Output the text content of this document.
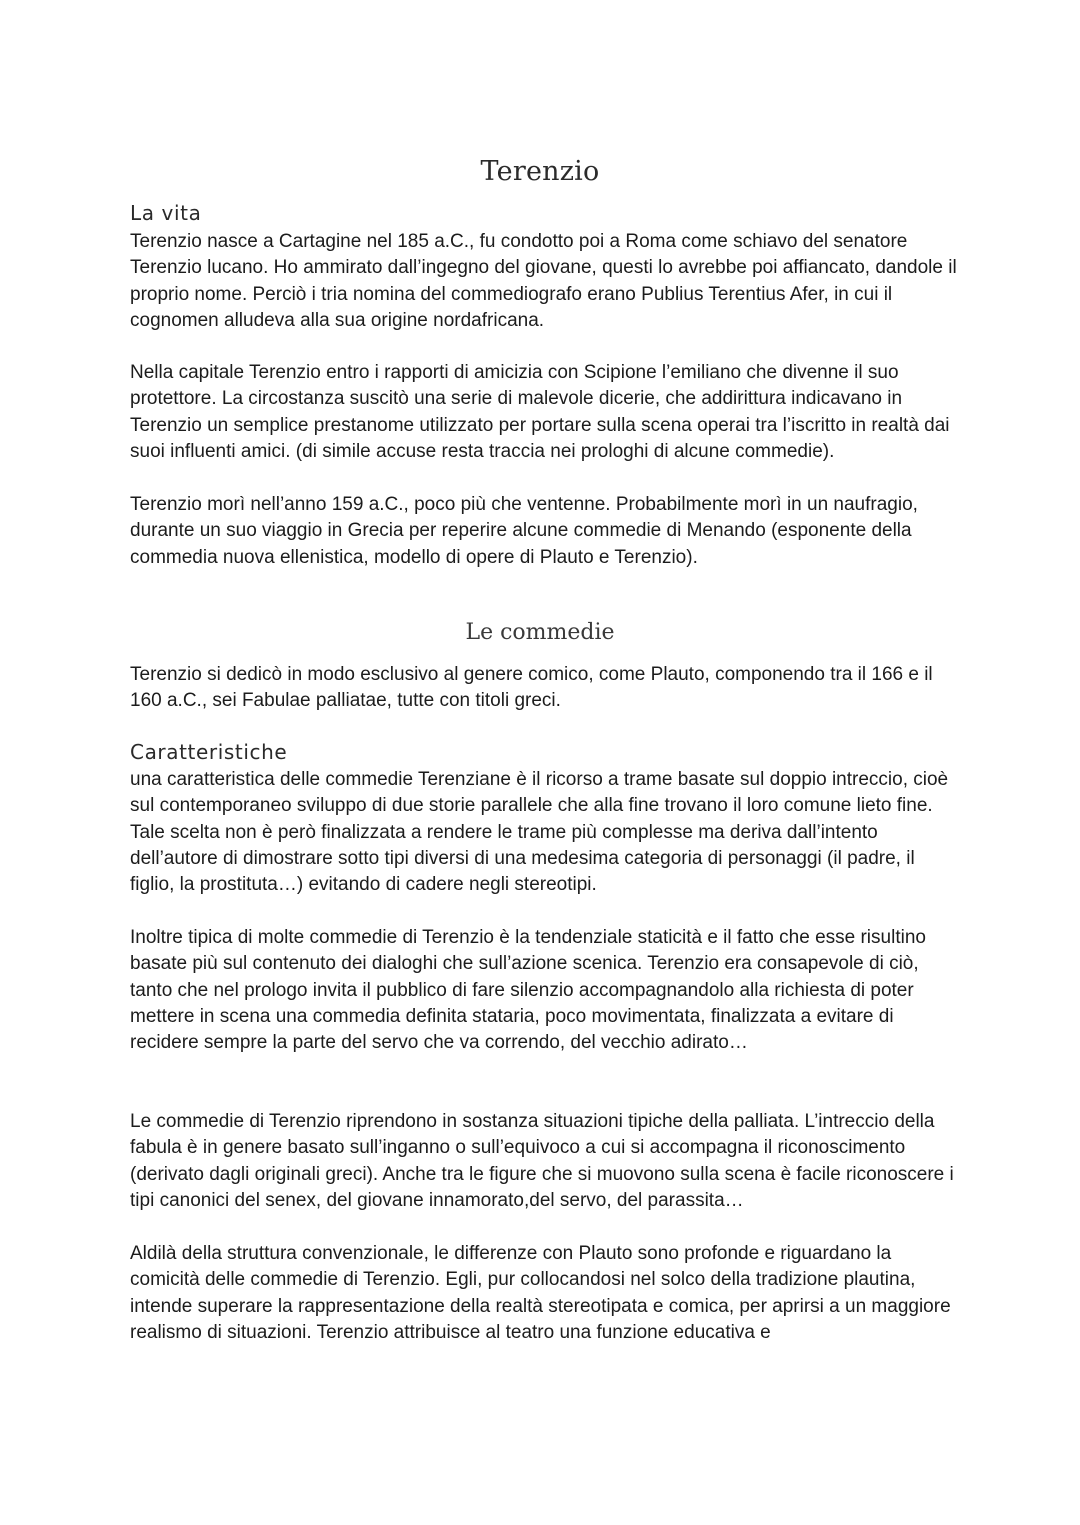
Terenzio
La vita

Terenzio nasce a Cartagine nel 185 a.C., fu condotto poi a Roma come schiavo del senatore Terenzio lucano. Ho ammirato dall’ingegno del giovane, questi lo avrebbe poi affiancato, dandole il proprio nome. Perciò i tria nomina del commediografo erano Publius Terentius Afer, in cui il cognomen alludeva alla sua origine nordafricana.

Nella capitale Terenzio entro i rapporti di amicizia con Scipione l’emiliano che divenne il suo protettore. La circostanza suscitò una serie di malevole dicerie, che addirittura indicavano in Terenzio un semplice prestanome utilizzato per portare sulla scena operai tra l’iscritto in realtà dai suoi influenti amici. (di simile accuse resta traccia nei prologhi di alcune commedie).

Terenzio morì nell’anno 159 a.C., poco più che ventenne. Probabilmente morì in un naufragio, durante un suo viaggio in Grecia per reperire alcune commedie di Menando (esponente della commedia nuova ellenistica, modello di opere di Plauto e Terenzio).

Le commedie

Terenzio si dedicò in modo esclusivo al genere comico, come Plauto, componendo tra il 166 e il 160 a.C., sei Fabulae palliatae, tutte con titoli greci.

Caratteristiche

una caratteristica delle commedie Terenziane è il ricorso a trame basate sul doppio intreccio, cioè sul contemporaneo sviluppo di due storie parallele che alla fine trovano il loro comune lieto fine. Tale scelta non è però finalizzata a rendere le trame più complesse ma deriva dall’intento dell’autore di dimostrare sotto tipi diversi di una medesima categoria di personaggi (il padre, il figlio, la prostituta…) evitando di cadere negli stereotipi.

Inoltre tipica di molte commedie di Terenzio è la tendenziale staticità e il fatto che esse risultino basate più sul contenuto dei dialoghi che sull’azione scenica. Terenzio era consapevole di ciò, tanto che nel prologo invita il pubblico di fare silenzio accompagnandolo alla richiesta di poter mettere in scena una commedia definita stataria, poco movimentata, finalizzata a evitare di recidere sempre la parte del servo che va correndo, del vecchio adirato…

Le commedie di Terenzio riprendono in sostanza situazioni tipiche della palliata. L’intreccio della fabula è in genere basato sull’inganno o sull’equivoco a cui si accompagna il riconoscimento (derivato dagli originali greci). Anche tra le figure che si muovono sulla scena è facile riconoscere i tipi canonici del senex, del giovane innamorato,del servo, del parassita…

Aldilà della struttura convenzionale, le differenze con Plauto sono profonde e riguardano la comicità delle commedie di Terenzio. Egli, pur collocandosi nel solco della tradizione plautina, intende superare la rappresentazione della realtà stereotipata e comica, per aprirsi a un maggiore realismo di situazioni. Terenzio attribuisce al teatro una funzione educativa e
